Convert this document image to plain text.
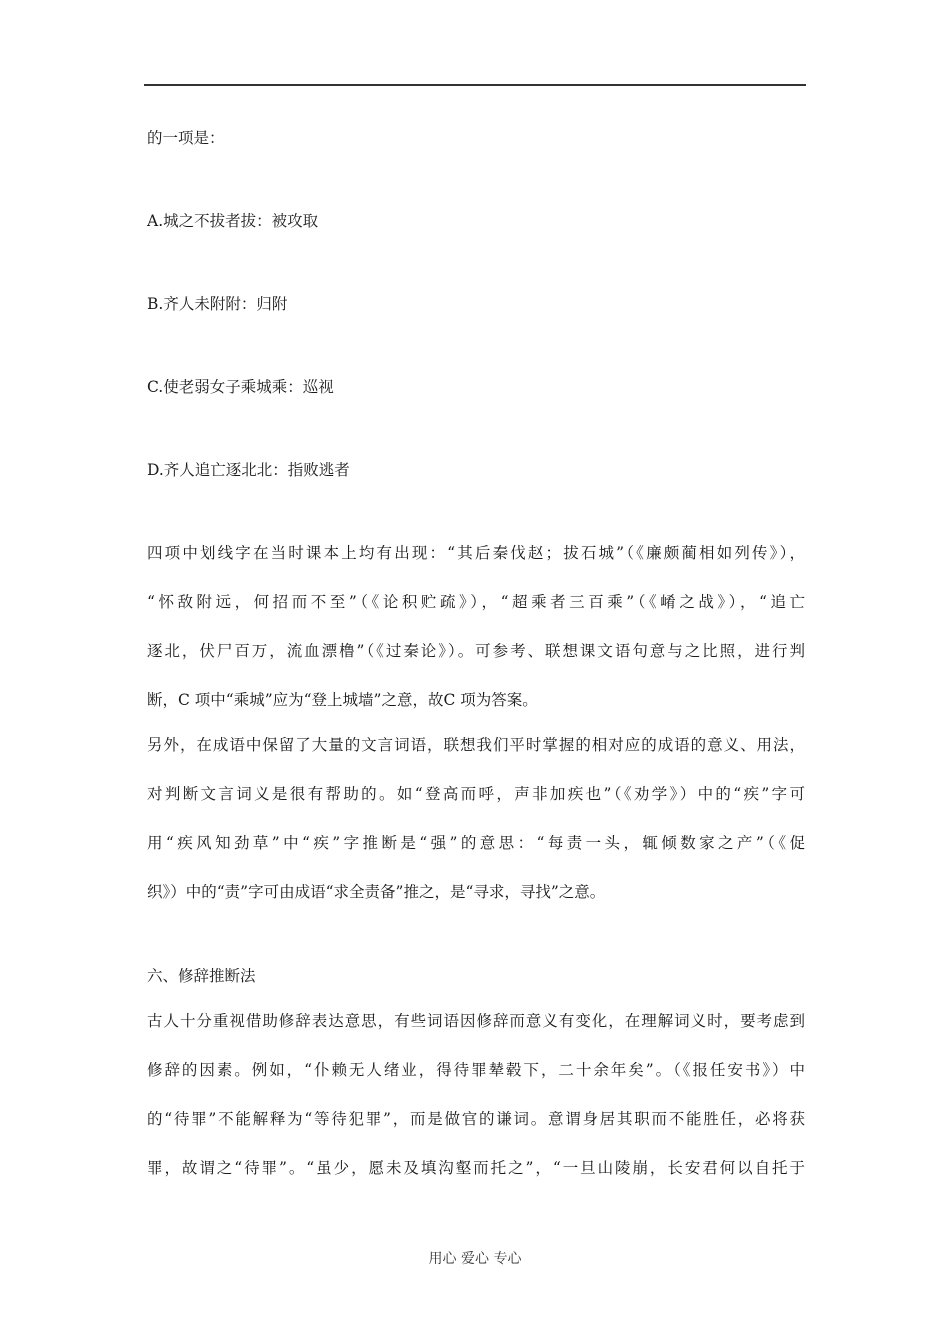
的一项是：
A.城之不拔者拔：被攻取
B.齐人未附附：归附
C.使老弱女子乘城乘：巡视
D.齐人追亡逐北北：指败逃者
四项中划线字在当时课本上均有出现：“其后秦伐赵；拔石城”（《廉颇蔺相如列传》），
“怀敌附远，何招而不至”（《论积贮疏》），“超乘者三百乘”（《崤之战》），“追亡
逐北，伏尸百万，流血漂橹”（《过秦论》）。可参考、联想课文语句意与之比照，进行判
断，C 项中“乘城”应为“登上城墙”之意，故C 项为答案。
另外，在成语中保留了大量的文言词语，联想我们平时掌握的相对应的成语的意义、用法，
对判断文言词义是很有帮助的。如“登高而呼，声非加疾也”（《劝学》）中的“疾”字可
用“疾风知劲草”中“疾”字推断是“强”的意思：“每责一头，辄倾数家之产”（《促
织》）中的“责”字可由成语“求全责备”推之，是“寻求，寻找”之意。
六、修辞推断法
古人十分重视借助修辞表达意思，有些词语因修辞而意义有变化，在理解词义时，要考虑到
修辞的因素。例如，“仆赖无人绪业，得待罪辇毂下，二十余年矣”。（《报任安书》）中
的“待罪”不能解释为“等待犯罪”，而是做官的谦词。意谓身居其职而不能胜任，必将获
罪，故谓之“待罪”。“虽少，愿未及填沟壑而托之”，“一旦山陵崩，长安君何以自托于
用心 爱心 专心
